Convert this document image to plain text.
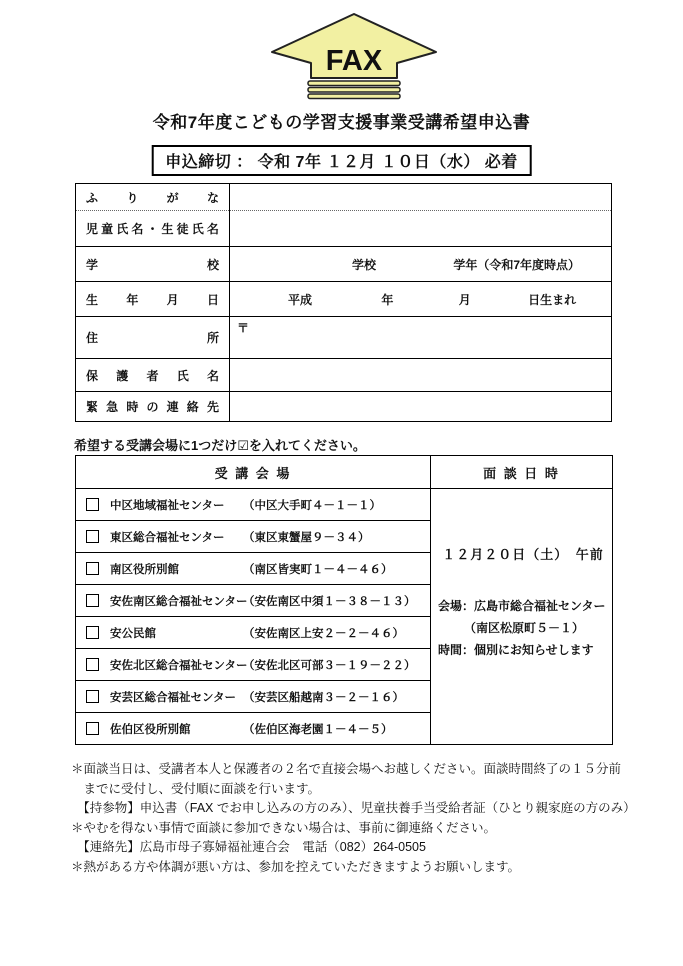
FAX
令和7年度こどもの学習支援事業受講希望申込書
申込締切 ： 令和 7年 １２月 １０日（水） 必着
ふ り が な	

児 童 氏 名 ・ 生 徒 氏 名

学 校	学校 学年（令和7年度時点）

生 年 月 日	平成 年 月 日生まれ

住 所	〒

保 護 者 氏 名	

緊 急 時 の 連 絡 先

希望する受講会場に1つだけ☑を入れてください。
受 講 会 場	面 談 日 時

中区地域福祉センター	（中区大手町４－１－１）

１２月２０日（土）　午前
会場：広島市総合福祉センター
（南区松原町５－１）
時間：個別にお知らせします

東区総合福祉センター （東区東蟹屋９－３４）	

南区役所別館 （南区皆実町１－４－４６）	

安佐南区総合福祉センター
（安佐南区中須１－３８－１３）	

安公民館 （安佐南区上安２－２－４６）	

安佐北区総合福祉センター
（安佐北区可部３－１９－２２）	

安芸区総合福祉センター （安芸区船越南３－２－１６）	

佐伯区役所別館 （佐伯区海老園１－４－５）	
＊面談当日は、受講者本人と保護者の２名で直接会場へお越しください。面談時間終了の１５分前
　までに受付し、受付順に面談を行います。
　【持参物】申込書（FAX でお申し込みの方のみ）、児童扶養手当受給者証（ひとり親家庭の方のみ）
＊やむを得ない事情で面談に参加できない場合は、事前に御連絡ください。
　【連絡先】広島市母子寡婦福祉連合会　電話（082）264-0505
＊熱がある方や体調が悪い方は、参加を控えていただきますようお願いします。
